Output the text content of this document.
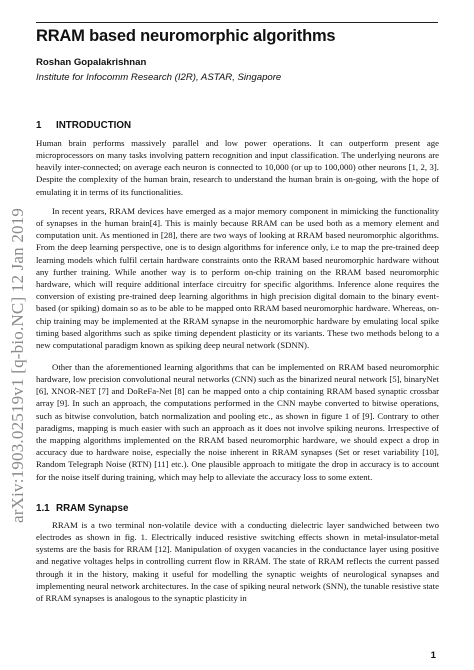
RRAM based neuromorphic algorithms
Roshan Gopalakrishnan
Institute for Infocomm Research (I2R), ASTAR, Singapore
1 INTRODUCTION

Human brain performs massively parallel and low power operations. It can outperform present age microprocessors on many tasks involving pattern recognition and input classification. The underlying neurons are heavily inter-connected; on average each neuron is connected to 10,000 (or up to 100,000) other neurons [1, 2, 3]. Despite the complexity of the human brain, research to understand the human brain is on-going, with the hope of emulating it in terms of its functionalities.

In recent years, RRAM devices have emerged as a major memory component in mimicking the functionality of synapses in the human brain[4]. This is mainly because RRAM can be used both as a memory element and computation unit. As mentioned in [28], there are two ways of looking at RRAM based neuromorphic algorithms. From the deep learning perspective, one is to design algorithms for inference only, i.e to map the pre-trained deep learning models which fulfil certain hardware constraints onto the RRAM based neuromorphic hardware without any further training. While another way is to perform on-chip training on the RRAM based neuromorphic hardware, which will require additional interface circuitry for specific algorithms. Inference alone requires the conversion of existing pre-trained deep learning algorithms in high precision digital domain to the binary event-based (or spiking) domain so as to be able to be mapped onto RRAM based neuromorphic hardware. Whereas, on-chip training may be implemented at the RRAM synapse in the neuromorphic hardware by emulating local spike timing based algorithms such as spike timing dependent plasticity or its variants. These two methods belong to a new computational paradigm known as spiking deep neural network (SDNN).

Other than the aforementioned learning algorithms that can be implemented on RRAM based neuromorphic hardware, low precision convolutional neural networks (CNN) such as the binarized neural network [5], binaryNet [6], XNOR-NET [7] and DoReFa-Net [8] can be mapped onto a chip containing RRAM based synaptic crossbar array [9]. In such an approach, the computations performed in the CNN maybe converted to bitwise operations, such as bitwise convolution, batch normalization and pooling etc., as shown in figure 1 of [9]. Contrary to other paradigms, mapping is much easier with such an approach as it does not involve spiking neurons. Irrespective of the mapping algorithms implemented on the RRAM based neuromorphic hardware, we should expect a drop in accuracy due to hardware noise, especially the noise inherent in RRAM synapses (Set or reset variability [10], Random Telegraph Noise (RTN) [11] etc.). One plausible approach to mitigate the drop in accuracy is to account for the noise itself during training, which may help to alleviate the accuracy loss to some extent.

1.1 RRAM Synapse

RRAM is a two terminal non-volatile device with a conducting dielectric layer sandwiched between two electrodes as shown in fig. 1. Electrically induced resistive switching effects shown in metal-insulator-metal systems are the basis for RRAM [12]. Manipulation of oxygen vacancies in the conductance layer using positive and negative voltages helps in controlling current flow in RRAM. The state of RRAM reflects the current passed through it in the history, making it useful for modelling the synaptic weights of neurological synapses and implementing neural network architectures. In the case of spiking neural network (SNN), the tunable resistive state of RRAM synapses is analogous to the synaptic plasticity in

arXiv:1903.02519v1 [q-bio.NC] 12 Jan 2019
1
